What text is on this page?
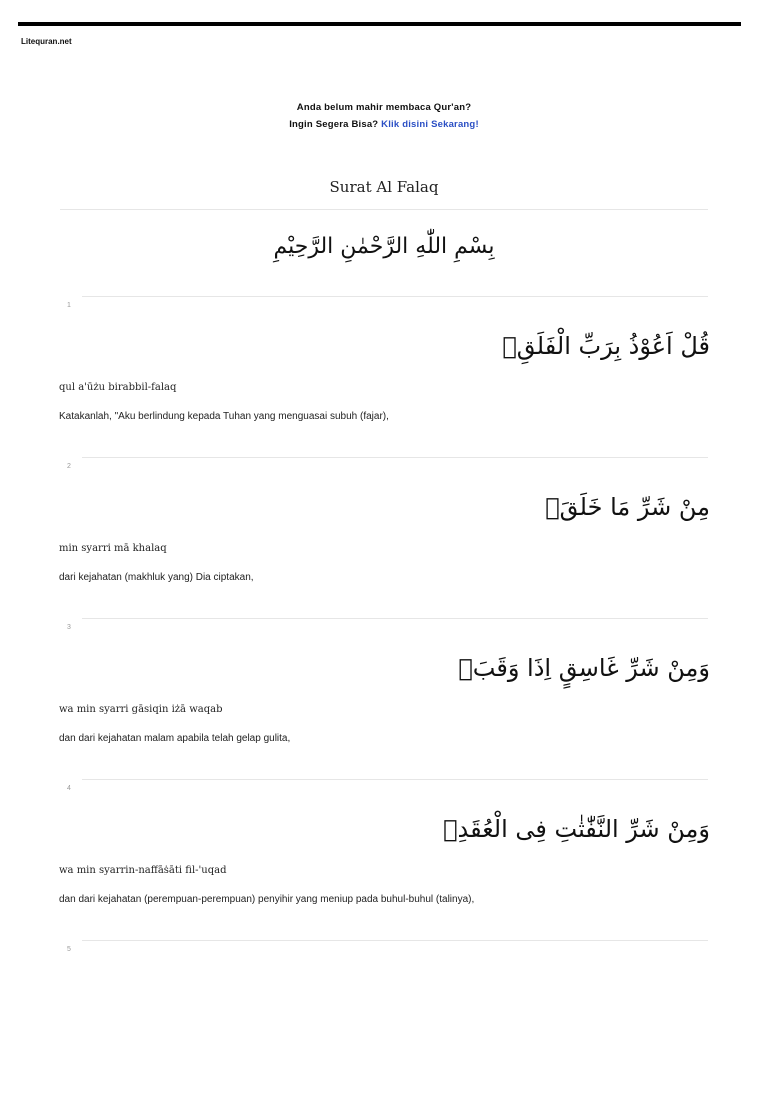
Litequran.net
Anda belum mahir membaca Qur'an?
Ingin Segera Bisa? Klik disini Sekarang!
Surat Al Falaq
بِسْمِ اللّٰهِ الرَّحْمٰنِ الرَّحِيْمِ
1
قُلْ اَعُوْذُ بِرَبِّ الْفَلَقِۙ
qul a'ūżu birabbil-falaq
Katakanlah, "Aku berlindung kepada Tuhan yang menguasai subuh (fajar),
2
مِنْ شَرِّ مَا خَلَقَۙ
min syarri mā khalaq
dari kejahatan (makhluk yang) Dia ciptakan,
3
وَمِنْ شَرِّ غَاسِقٍ اِذَا وَقَبَۙ
wa min syarri gāsiqin iżā waqab
dan dari kejahatan malam apabila telah gelap gulita,
4
وَمِنْ شَرِّ النَّفّٰثٰتِ فِى الْعُقَدِۙ
wa min syarrin-naffāṡāti fil-'uqad
dan dari kejahatan (perempuan-perempuan) penyihir yang meniup pada buhul-buhul (talinya),
5
